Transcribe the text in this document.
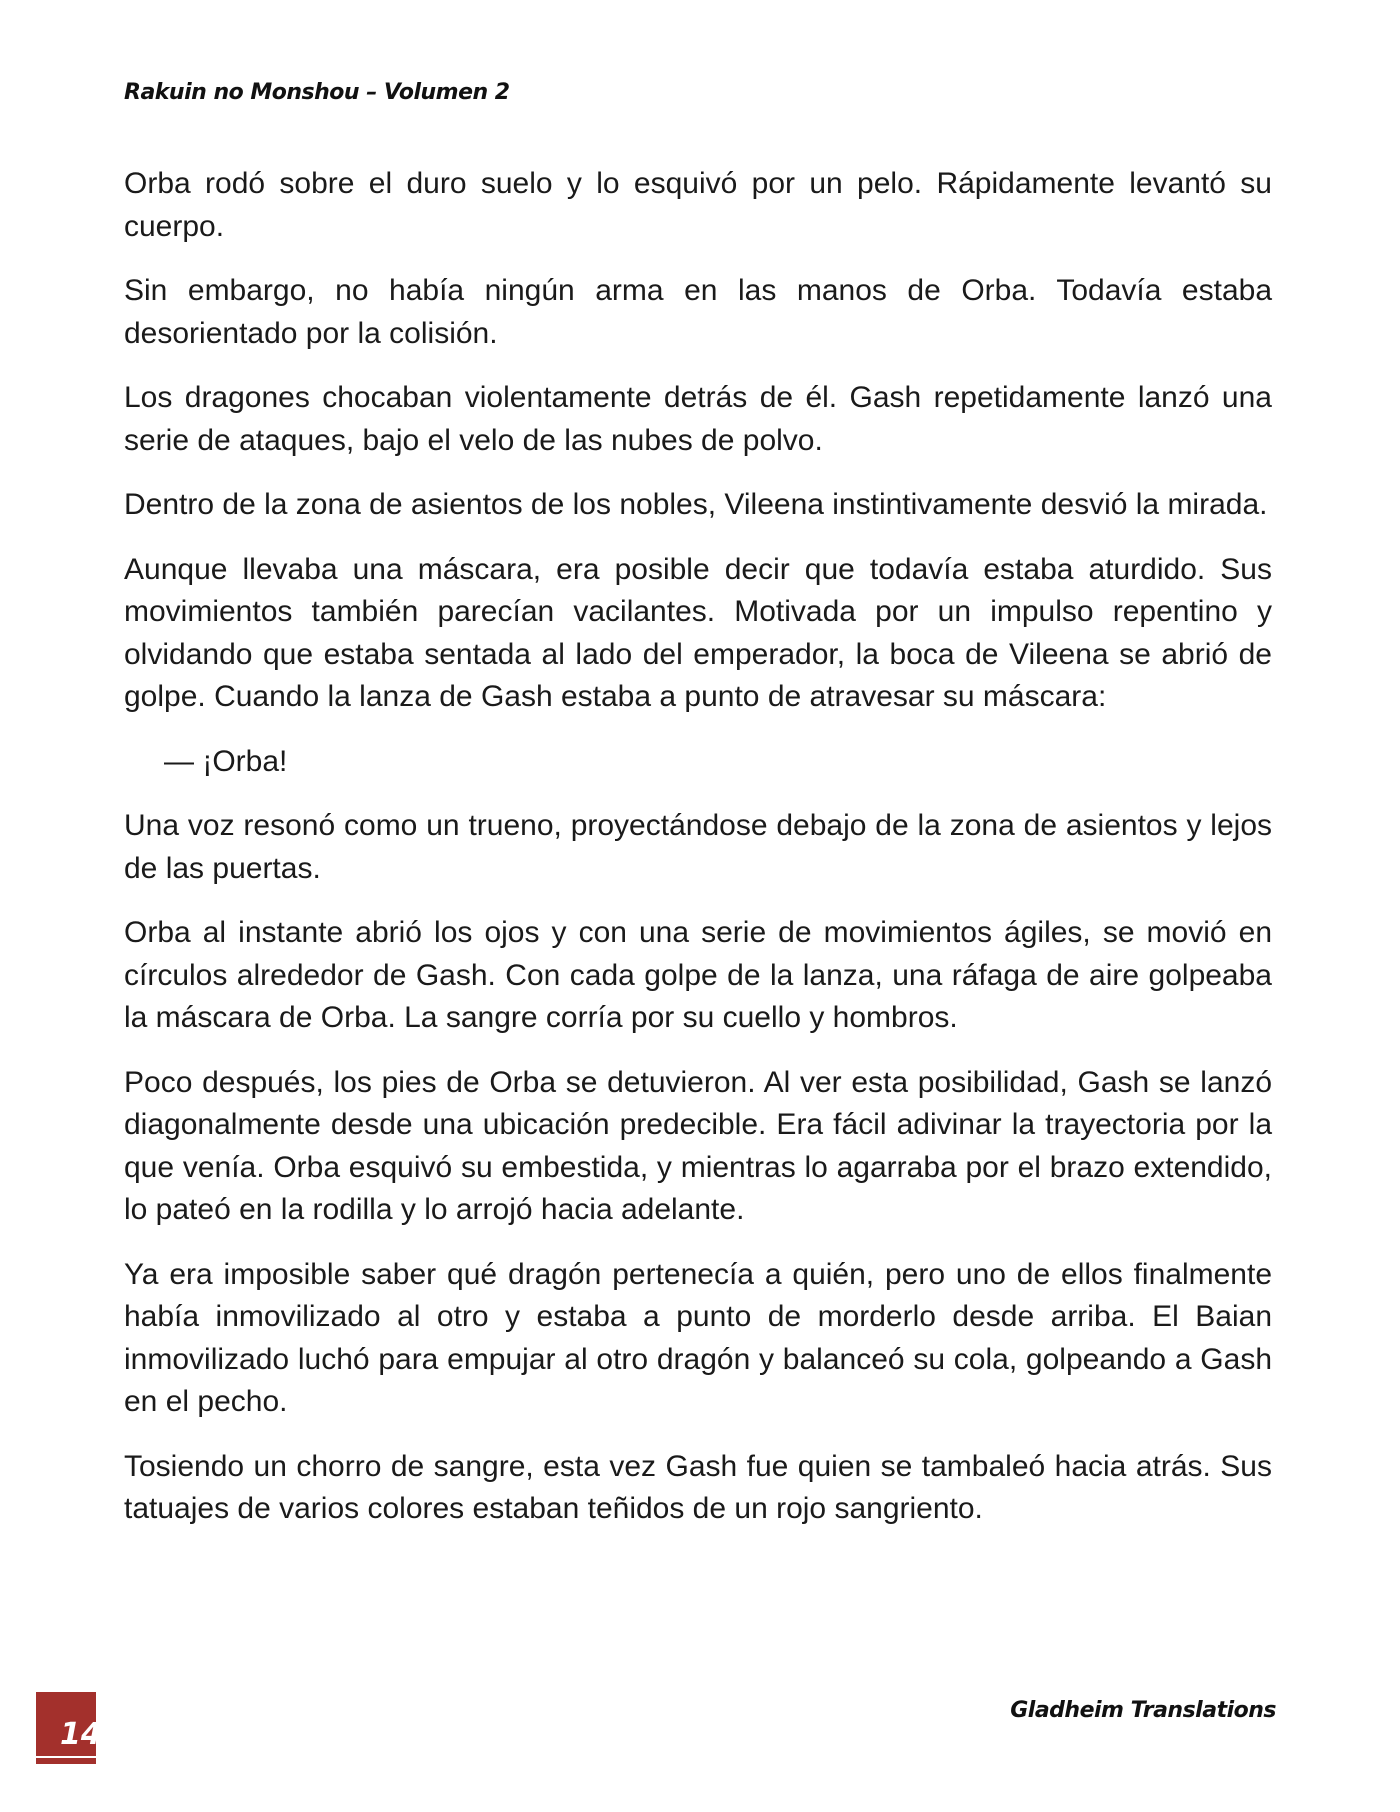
Rakuin no Monshou – Volumen 2

Orba rodó sobre el duro suelo y lo esquivó por un pelo. Rápidamente levantó su cuerpo.

Sin embargo, no había ningún arma en las manos de Orba. Todavía estaba desorientado por la colisión.

Los dragones chocaban violentamente detrás de él. Gash repetidamente lanzó una serie de ataques, bajo el velo de las nubes de polvo.

Dentro de la zona de asientos de los nobles, Vileena instintivamente desvió la mirada.

Aunque llevaba una máscara, era posible decir que todavía estaba aturdido. Sus movimientos también parecían vacilantes. Motivada por un impulso repentino y olvidando que estaba sentada al lado del emperador, la boca de Vileena se abrió de golpe. Cuando la lanza de Gash estaba a punto de atravesar su máscara:

— ¡Orba!

Una voz resonó como un trueno, proyectándose debajo de la zona de asientos y lejos de las puertas.

Orba al instante abrió los ojos y con una serie de movimientos ágiles, se movió en círculos alrededor de Gash. Con cada golpe de la lanza, una ráfaga de aire golpeaba la máscara de Orba. La sangre corría por su cuello y hombros.

Poco después, los pies de Orba se detuvieron. Al ver esta posibilidad, Gash se lanzó diagonalmente desde una ubicación predecible. Era fácil adivinar la trayectoria por la que venía. Orba esquivó su embestida, y mientras lo agarraba por el brazo extendido, lo pateó en la rodilla y lo arrojó hacia adelante.

Ya era imposible saber qué dragón pertenecía a quién, pero uno de ellos finalmente había inmovilizado al otro y estaba a punto de morderlo desde arriba. El Baian inmovilizado luchó para empujar al otro dragón y balanceó su cola, golpeando a Gash en el pecho.

Tosiendo un chorro de sangre, esta vez Gash fue quien se tambaleó hacia atrás. Sus tatuajes de varios colores estaban teñidos de un rojo sangriento.

14
Gladheim Translations
